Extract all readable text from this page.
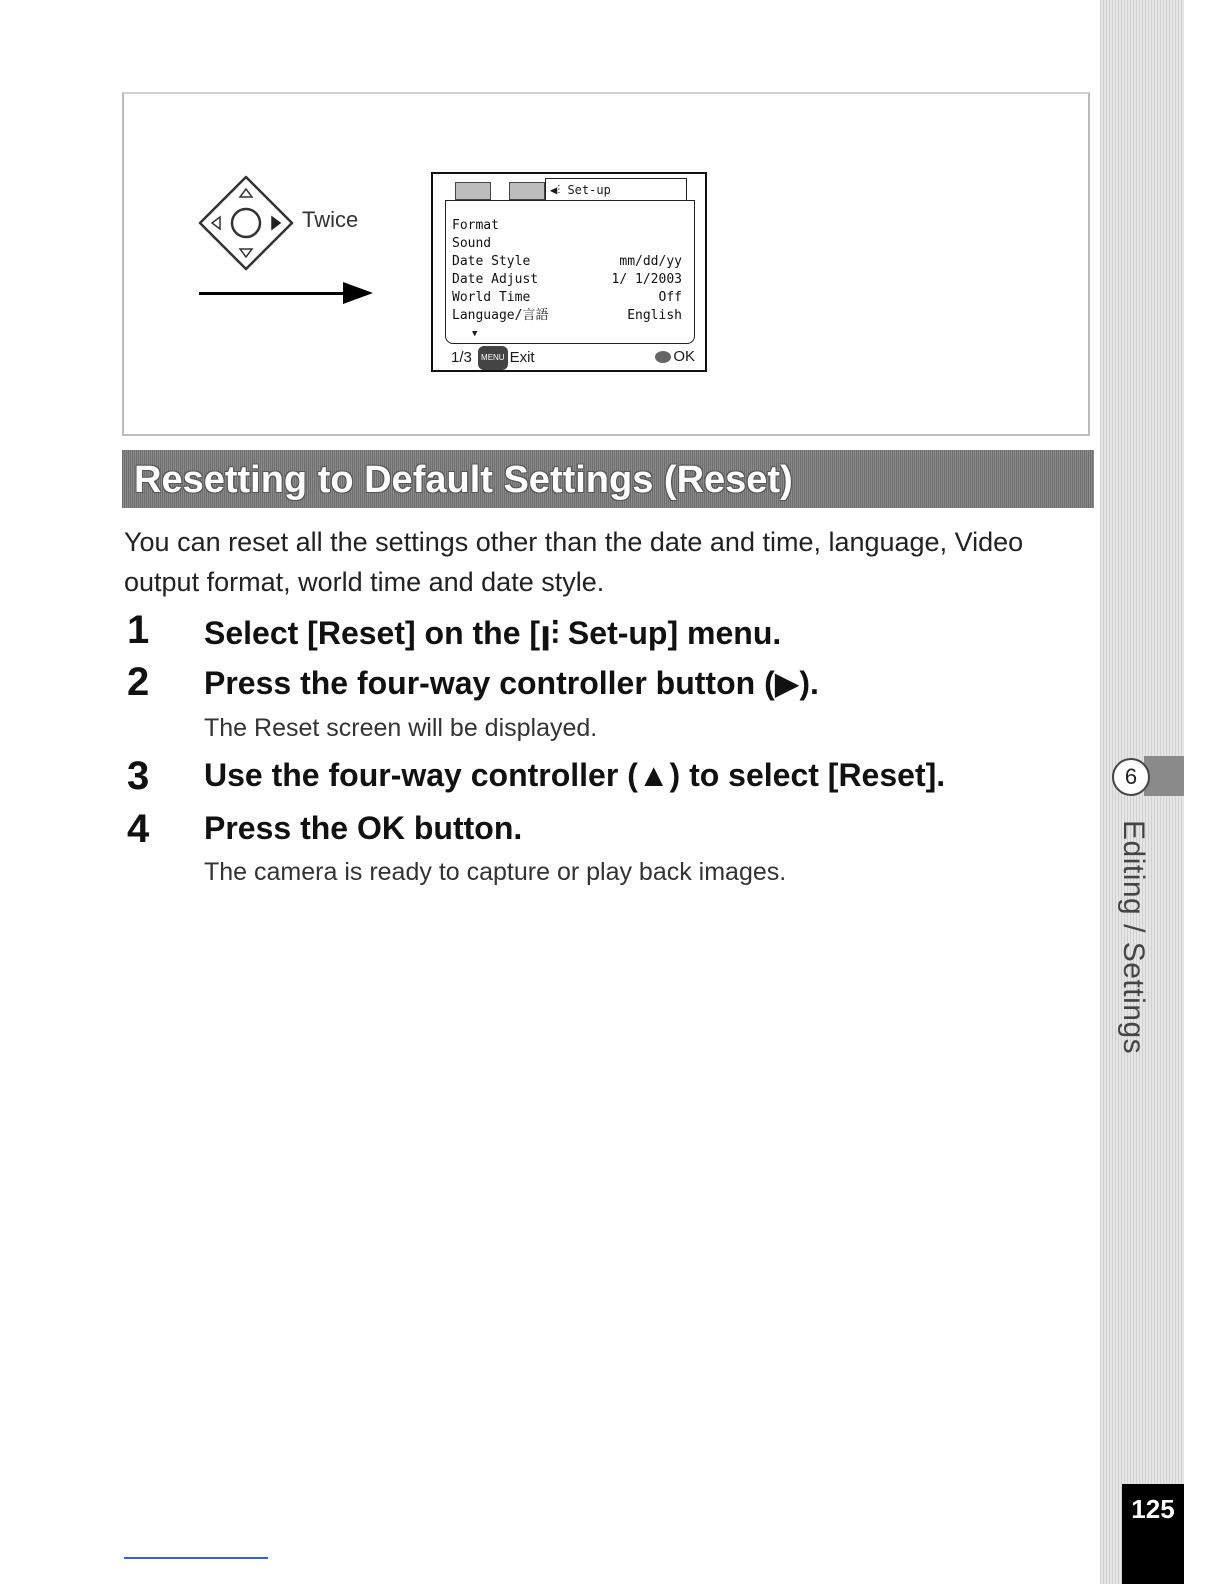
6
Editing / Settings
125
Twice
◀⫶ Set-up
Format
Sound
Date Style	mm/dd/yy
Date Adjust	1/ 1/2003
World Time	Off
Language/言語	English
▼
1/3 MENU Exit	OK
Resetting to Default Settings (Reset)
You can reset all the settings other than the date and time, language, Video output format, world time and date style.
1 Select [Reset] on the [ꞁ⫶ Set-up] menu.
2 Press the four-way controller button (▶).
The Reset screen will be displayed.
3 Use the four-way controller (▲) to select [Reset].
4 Press the OK button.
The camera is ready to capture or play back images.
